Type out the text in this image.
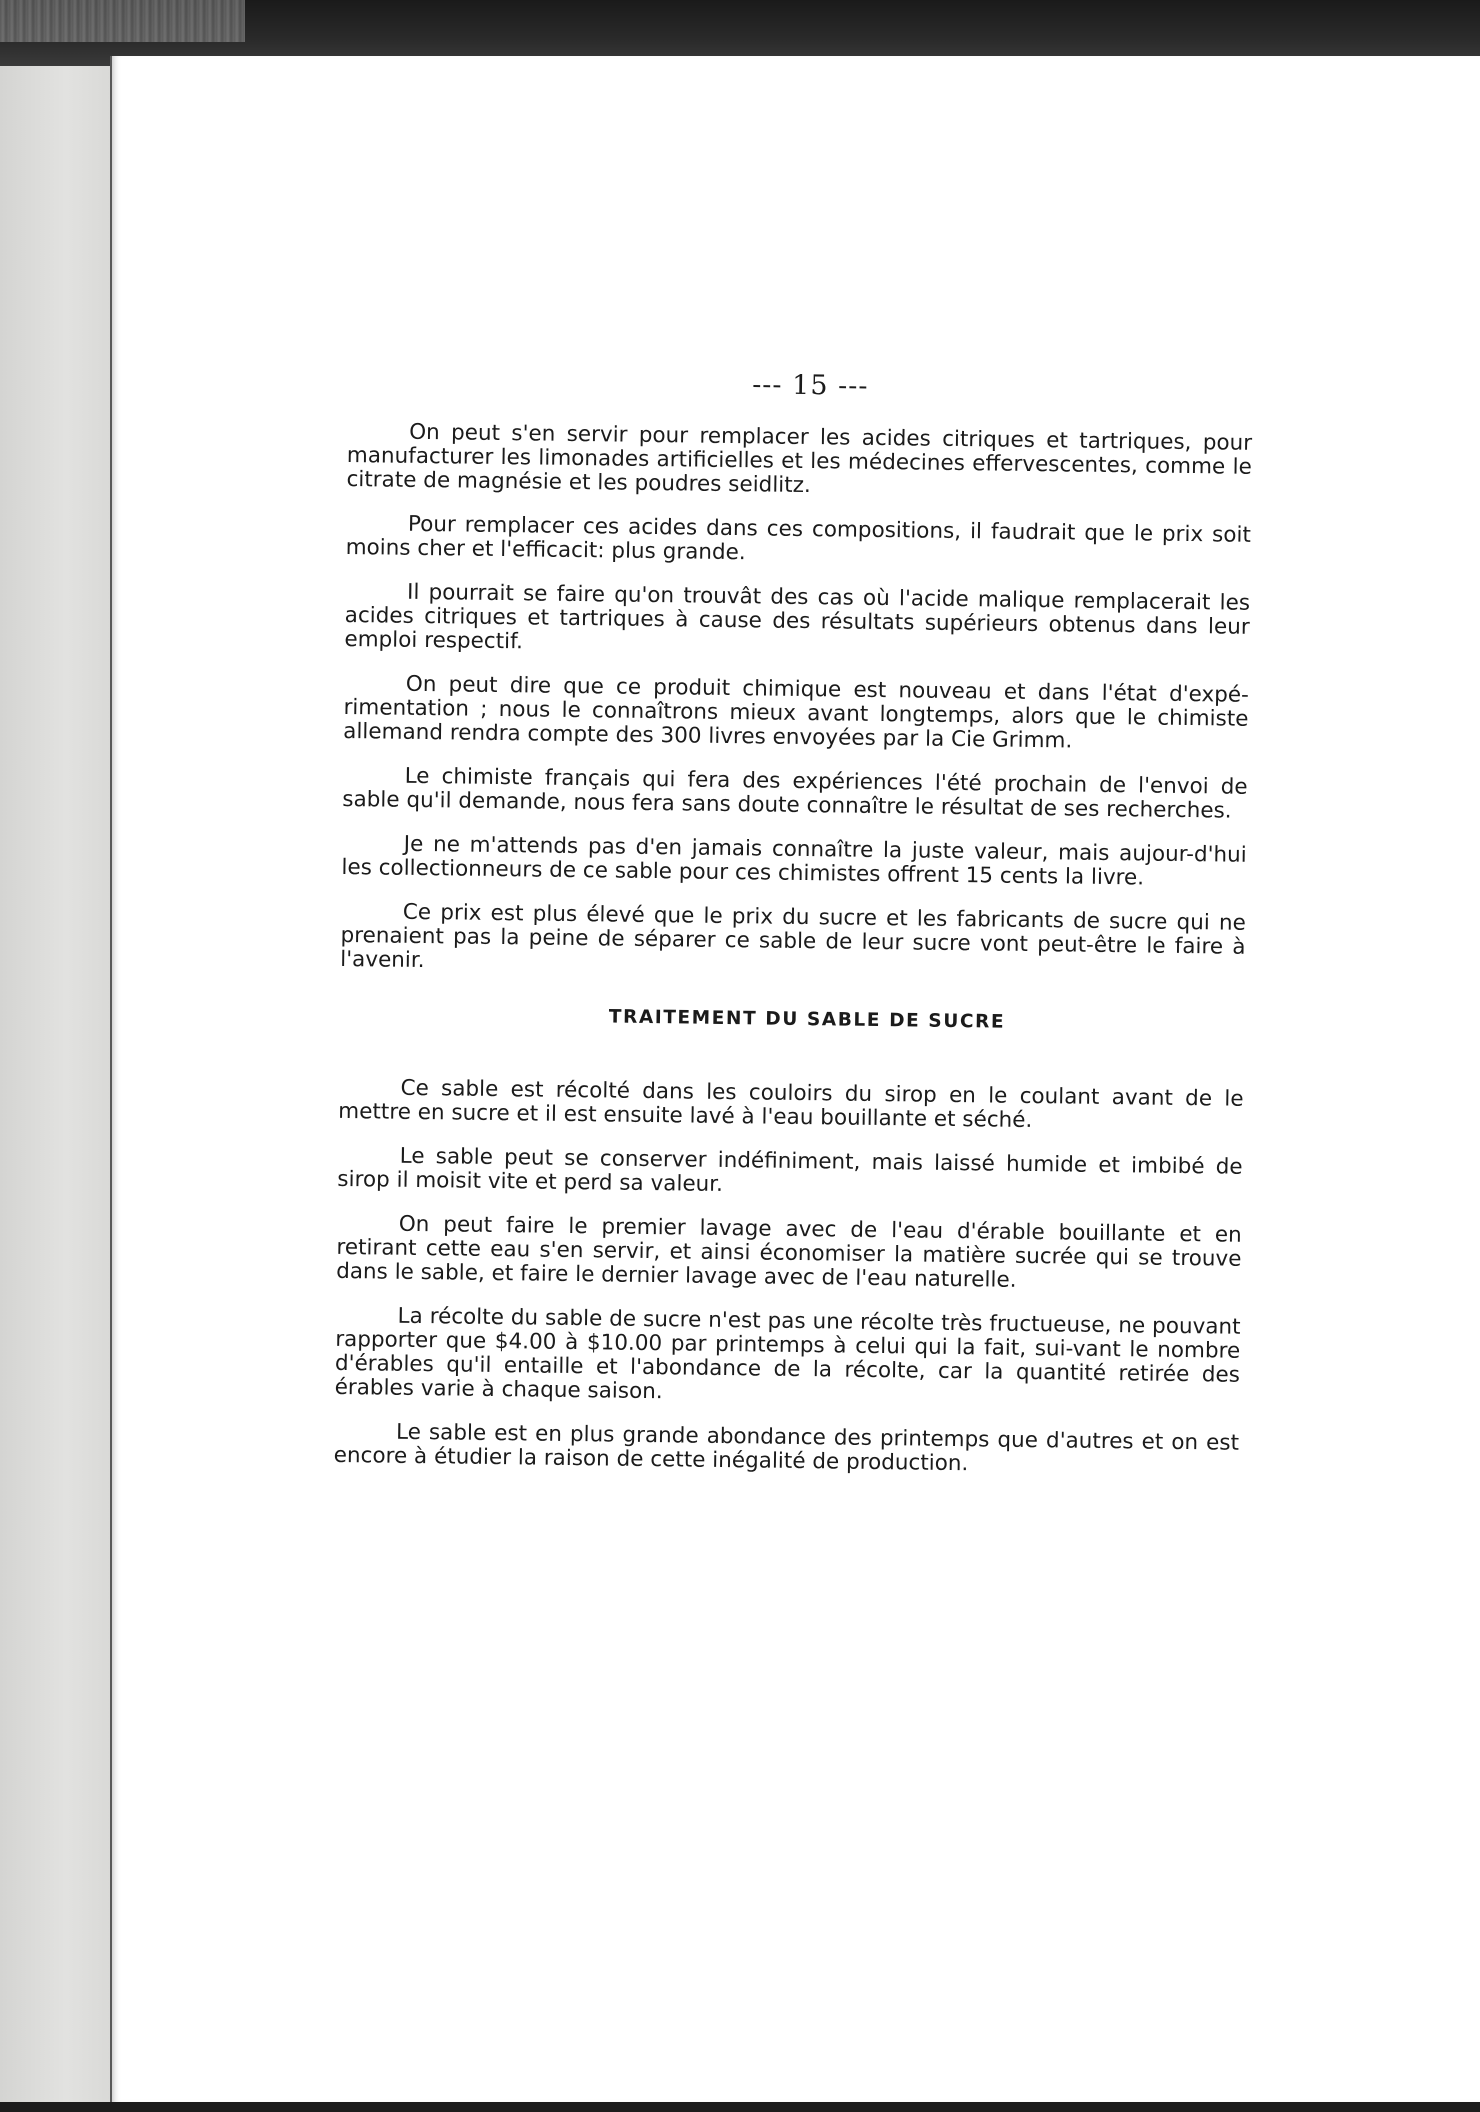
--- 15 ---

On peut s'en servir pour remplacer les acides citriques et tartriques, pour manufacturer les limonades artificielles et les médecines effervescentes, comme le citrate de magnésie et les poudres seidlitz.

Pour remplacer ces acides dans ces compositions, il faudrait que le prix soit moins cher et l'efficacit: plus grande.

Il pourrait se faire qu'on trouvât des cas où l'acide malique remplacerait les acides citriques et tartriques à cause des résultats supérieurs obtenus dans leur emploi respectif.

On peut dire que ce produit chimique est nouveau et dans l'état d'expé-rimentation ; nous le connaîtrons mieux avant longtemps, alors que le chimiste allemand rendra compte des 300 livres envoyées par la Cie Grimm.

Le chimiste français qui fera des expériences l'été prochain de l'envoi de sable qu'il demande, nous fera sans doute connaître le résultat de ses recherches.

Je ne m'attends pas d'en jamais connaître la juste valeur, mais aujour-d'hui les collectionneurs de ce sable pour ces chimistes offrent 15 cents la livre.

Ce prix est plus élevé que le prix du sucre et les fabricants de sucre qui ne prenaient pas la peine de séparer ce sable de leur sucre vont peut-être le faire à l'avenir.

TRAITEMENT DU SABLE DE SUCRE

Ce sable est récolté dans les couloirs du sirop en le coulant avant de le mettre en sucre et il est ensuite lavé à l'eau bouillante et séché.

Le sable peut se conserver indéfiniment, mais laissé humide et imbibé de sirop il moisit vite et perd sa valeur.

On peut faire le premier lavage avec de l'eau d'érable bouillante et en retirant cette eau s'en servir, et ainsi économiser la matière sucrée qui se trouve dans le sable, et faire le dernier lavage avec de l'eau naturelle.

La récolte du sable de sucre n'est pas une récolte très fructueuse, ne pouvant rapporter que $4.00 à $10.00 par printemps à celui qui la fait, sui-vant le nombre d'érables qu'il entaille et l'abondance de la récolte, car la quantité retirée des érables varie à chaque saison.

Le sable est en plus grande abondance des printemps que d'autres et on est encore à étudier la raison de cette inégalité de production.
